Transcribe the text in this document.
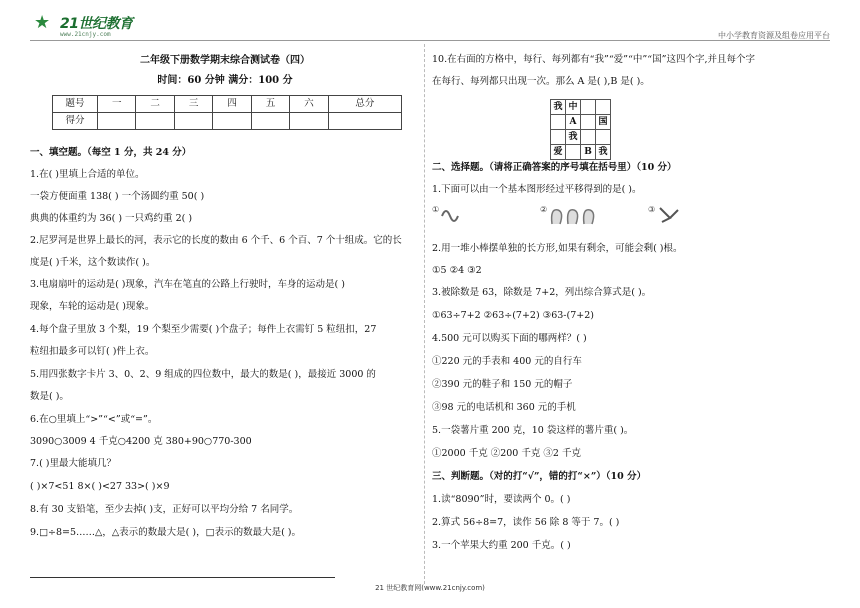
★ 21世纪教育
www.21cnjy.com	中小学教育资源及组卷应用平台
二年级下册数学期末综合测试卷（四）
时间：60 分钟 满分：100 分
题号	一	二	三	四	五	六	总分
得分							
一、填空题。（每空 1 分，共 24 分）
1.在( )里填上合适的单位。
一袋方便面重 138( ) 一个汤圆约重 50( )
典典的体重约为 36( ) 一只鸡约重 2( )
2.尼罗河是世界上最长的河，表示它的长度的数由 6 个千、6 个百、7 个十组成。它的长
度是( )千米，这个数读作( )。
3.电扇扇叶的运动是( )现象，汽车在笔直的公路上行驶时，车身的运动是( )
现象，车轮的运动是( )现象。
4.每个盘子里放 3 个梨，19 个梨至少需要( )个盘子；每件上衣需钉 5 粒纽扣，27
粒纽扣最多可以钉( )件上衣。
5.用四张数字卡片 3、0、2、9 组成的四位数中，最大的数是( )，最接近 3000 的
数是( )。
6.在○里填上“>”“<”或“=”。
3090○3009 4 千克○4200 克 380+90○770-300
7.( )里最大能填几？
( )×7<51 8×( )<27 33>( )×9
8.有 30 支铅笔，至少去掉( )支，正好可以平均分给 7 名同学。
9.□÷8=5……△，△表示的数最大是( )，□表示的数最大是( )。
10.在右面的方格中，每行、每列都有“我”“爱”“中”“国”这四个字,并且每个字
在每行、每列都只出现一次。那么 A 是( ),B 是( )。
我	中		
	A		国
	我		
爱		B	我
二、选择题。（请将正确答案的序号填在括号里）（10 分）
1.下面可以由一个基本图形经过平移得到的是( )。
①	②	③
2.用一堆小棒摆单独的长方形,如果有剩余，可能会剩( )根。
①5 ②4 ③2
3.被除数是 63，除数是 7+2，列出综合算式是( )。
①63÷7+2 ②63÷(7+2) ③63-(7+2)
4.500 元可以购买下面的哪两样？( )
①220 元的手表和 400 元的自行车
②390 元的鞋子和 150 元的帽子
③98 元的电话机和 360 元的手机
5.一袋薯片重 200 克，10 袋这样的薯片重( )。
①2000 千克 ②200 千克 ③2 千克
三、判断题。（对的打“√”，错的打“×”）（10 分）
1.读“8090”时，要读两个 0。( )
2.算式 56÷8=7，读作 56 除 8 等于 7。( )
3.一个苹果大约重 200 千克。( )
21 世纪教育网(www.21cnjy.com)
